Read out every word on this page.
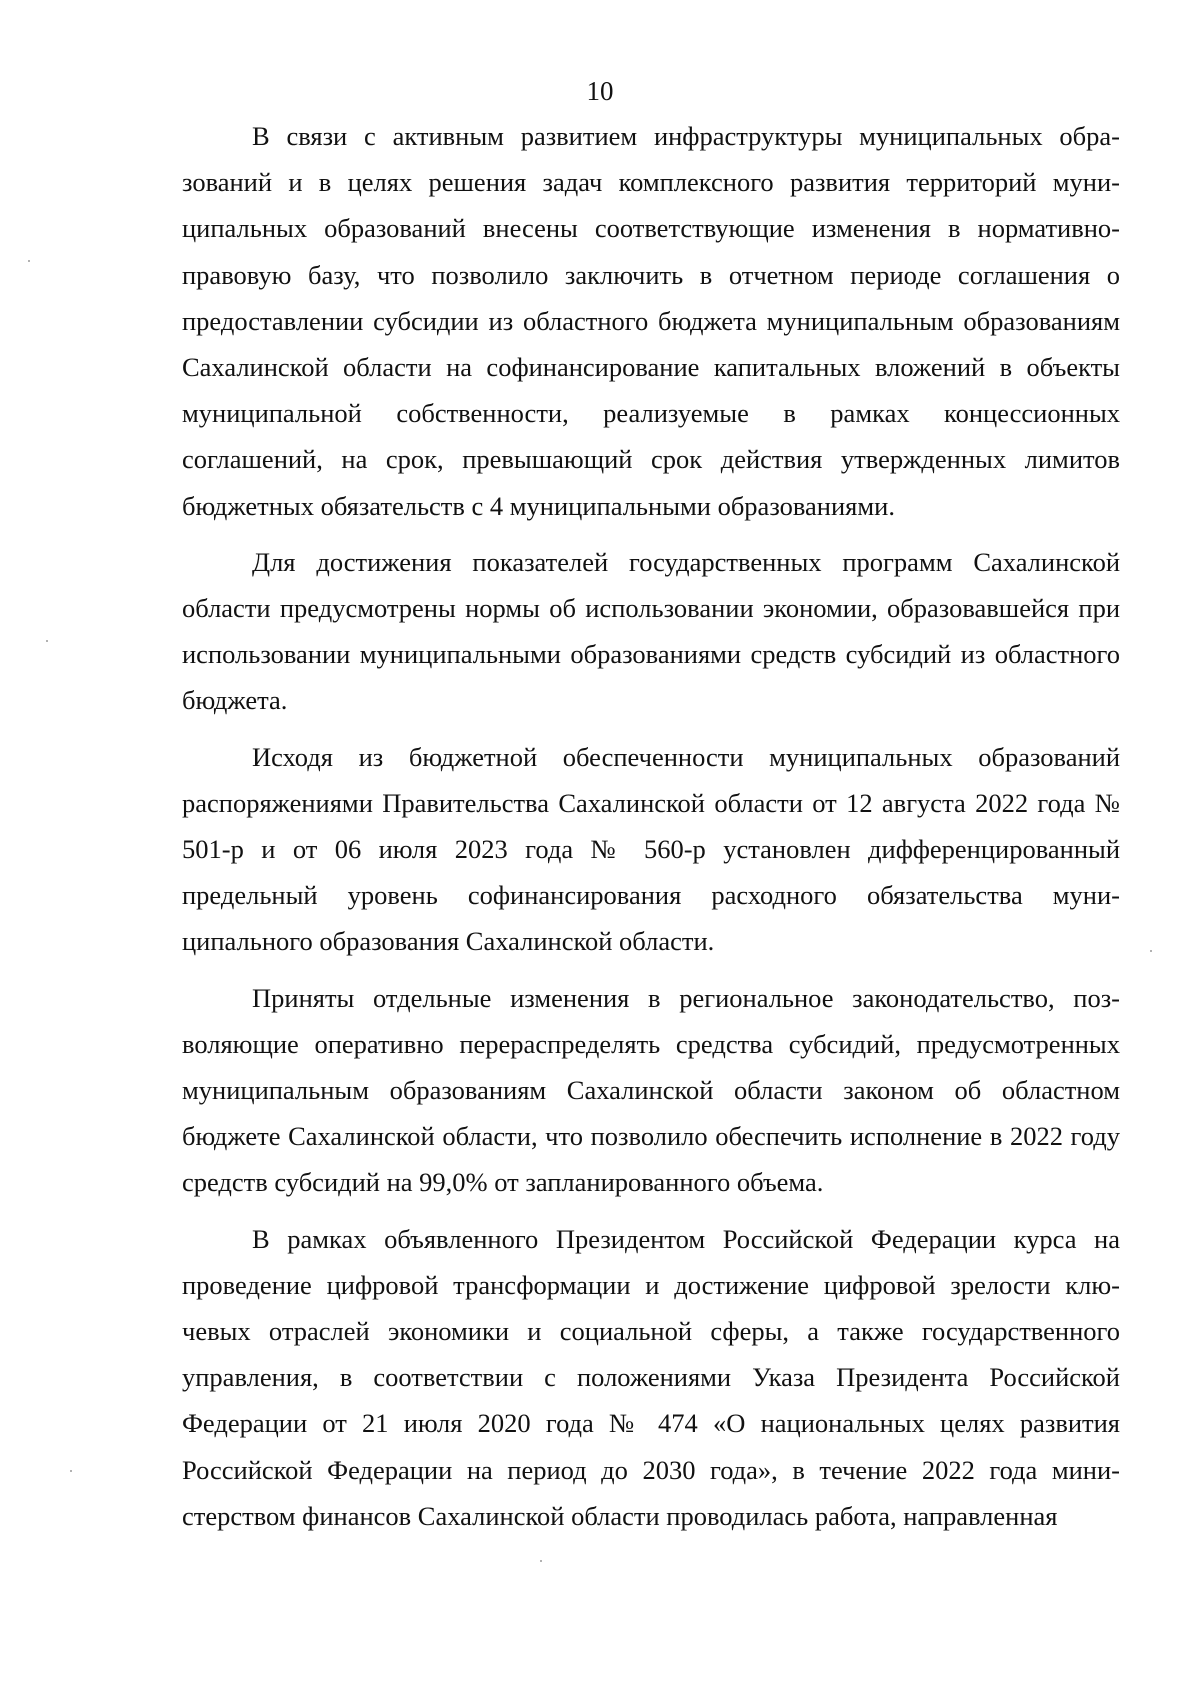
10

В связи с активным развитием инфраструктуры муниципальных образований и в целях решения задач комплексного развития территорий муниципальных образований внесены соответствующие изменения в нормативно-правовую базу, что позволило заключить в отчетном периоде соглашения о предоставлении субсидии из областного бюджета муниципальным образованиям Сахалинской области на софинансирование капитальных вложений в объекты муниципальной собственности, реализуемые в рамках концессионных соглашений, на срок, превышающий срок действия утвержденных лимитов бюджетных обязательств с 4 муниципальными образованиями.

Для достижения показателей государственных программ Сахалинской области предусмотрены нормы об использовании экономии, образовавшейся при использовании муниципальными образованиями средств субсидий из областного бюджета.

Исходя из бюджетной обеспеченности муниципальных образований распоряжениями Правительства Сахалинской области от 12 августа 2022 года № 501-р и от 06 июля 2023 года № 560-р установлен дифференцированный предельный уровень софинансирования расходного обязательства муниципального образования Сахалинской области.

Приняты отдельные изменения в региональное законодательство, позволяющие оперативно перераспределять средства субсидий, предусмотренных муниципальным образованиям Сахалинской области законом об областном бюджете Сахалинской области, что позволило обеспечить исполнение в 2022 году средств субсидий на 99,0% от запланированного объема.

В рамках объявленного Президентом Российской Федерации курса на проведение цифровой трансформации и достижение цифровой зрелости ключевых отраслей экономики и социальной сферы, а также государственного управления, в соответствии с положениями Указа Президента Российской Федерации от 21 июля 2020 года № 474 «О национальных целях развития Российской Федерации на период до 2030 года», в течение 2022 года министерством финансов Сахалинской области проводилась работа, направленная
